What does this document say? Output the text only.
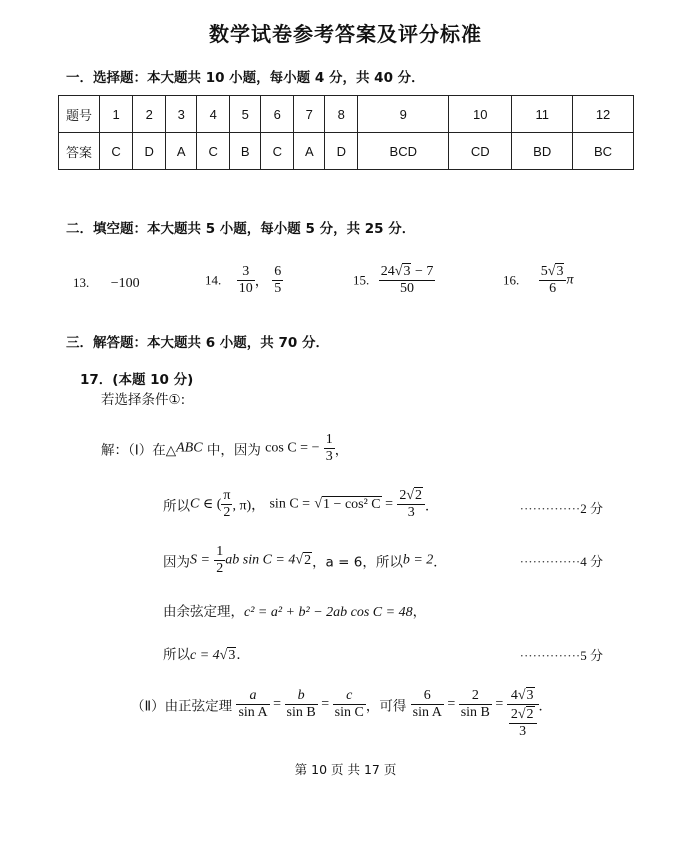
数学试卷参考答案及评分标准
一．选择题：本大题共 10 小题，每小题 4 分，共 40 分．
题号	1	2	3	4	5	6	7	8	9	10	11	12
答案	C	D	A	C	B	C	A	D	BCD	CD	BD	BC
二．填空题：本大题共 5 小题，每小题 5 分，共 25 分．
13. −100	14. $\frac{3}{10}$ ， $\frac{6}{5}$	15. $\frac{24√3 - 7}{50}$	16. $\frac{5√3}{6}$ π
三．解答题：本大题共 6 小题，共 70 分．
17．(本题 10 分)
若选择条件①:
解：（Ⅰ）在△ABC 中，因为 cos C = − $\frac{1}{3}$ ，
所以C ∈ ( $\frac{\pi}{2}$ , π)， sin C = √1 − cos² $C = \frac{2√2}{3}$ ．	··············2 分
因为$S = \frac{1}{2}$ ab sin C = 4√2，a = 6，所以b = 2．	··············4 分
由余弦定理，c² = a² + b² − 2ab cos C = 48，
所以c = 4√3．	··············5 分
（Ⅱ）由正弦定理 $\frac{a}{\text{sin A}} = \frac{b}{\text{sin B}} = \frac{c}{\text{sin C}}$ ，可得 $\frac{6}{\text{sin A}} = \frac{2}{\text{sin B}} = \frac{4√3}{\frac{2√2}{3}}$ ．
第 10 页 共 17 页
